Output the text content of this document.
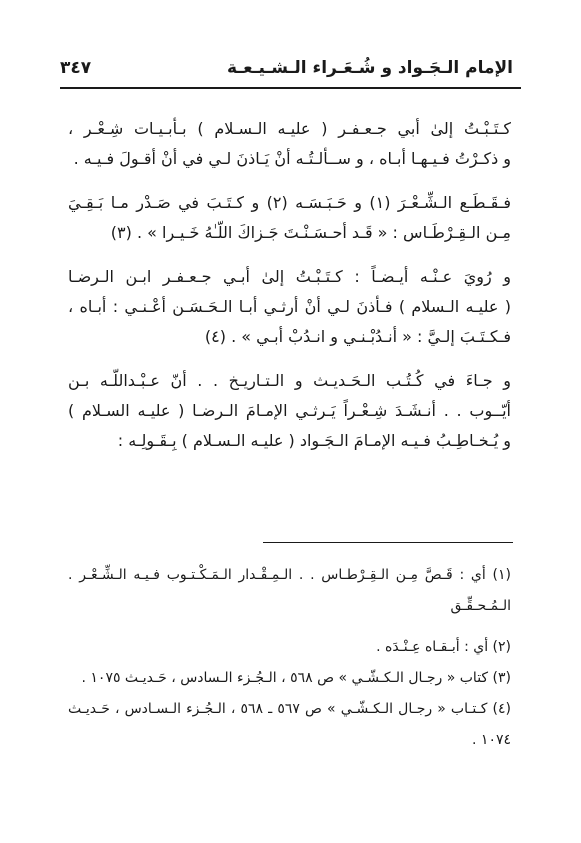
الإمام الـجَـواد و شُـعَـراء الـشـيـعـة
٣٤٧
كـتَـبْـتُ إلىٰ أبي جـعـفـر ( عليـه الـسـلام ) بـأبـيـات شِـعْـر ،
و ذكـرْتُ فـيـهـا أبـاه ، و ســألـتُـه أنْ يَـاذنَ لـي في أنْ أقـولَ فـيـه .
فـقَـطَـع الـشِّـعْـرَ (١) و حَـبَـسَـه (٢) و كـتَـبَ في صَـدْر مـا بَـقِـيَ
مِـن الـقِـرْطَـاس : « قَـد أحـسَـنْـتَ جَـزاكَ اللّـٰهُ خَـيـرا » . (٣)
و رُويَ عـنْـه أيـضـاً : كـتَـبْـتُ إلىٰ أبـي جـعـفـر ابـن الـرضـا
( عليـه الـسلام ) فـأذنَ لـي أنْ أرثـي أبـا الـحَـسَـن أعْـنـي : أبـاه ،
فـكـتَـبَ إلـيَّ : « أنـدُبْـنـي و انـدُبْ أبـي » . (٤)
و جـاءَ في كُـتُـب الـحَـديـث و الـتـاريـخ . . أنّ عـبْـداللّـه بـن
أيّــوب . . أنـشَـدَ شِـعْـراً يَـرثـي الإمـامَ الـرضـا ( عليـه السـلام )
و يُـخـاطِـبُ فـيـه الإمـامَ الـجَـواد ( عليـه الـسـلام ) بِـقَـولِـه :
(١) أي : قَـصَّ مِـن الـقِـرْطـاس . . الـمِـقْـدار الـمَـكْـتـوب فـيـه الـشِّـعْـر .
الـمُـحـقِّـق
(٢) أي : أبـقـاه عِـنْـدَه .
(٣) كتاب « رجـال الـكـشّـي » ص ٥٦٨ ، الـجُـزء الـسادس ، حَـديـث ١٠٧٥ .
(٤) كـتـاب « رجـال الـكـشّـي » ص ٥٦٧ ـ ٥٦٨ ، الـجُـزء الـسـادس ، حَـديـث
١٠٧٤ .
